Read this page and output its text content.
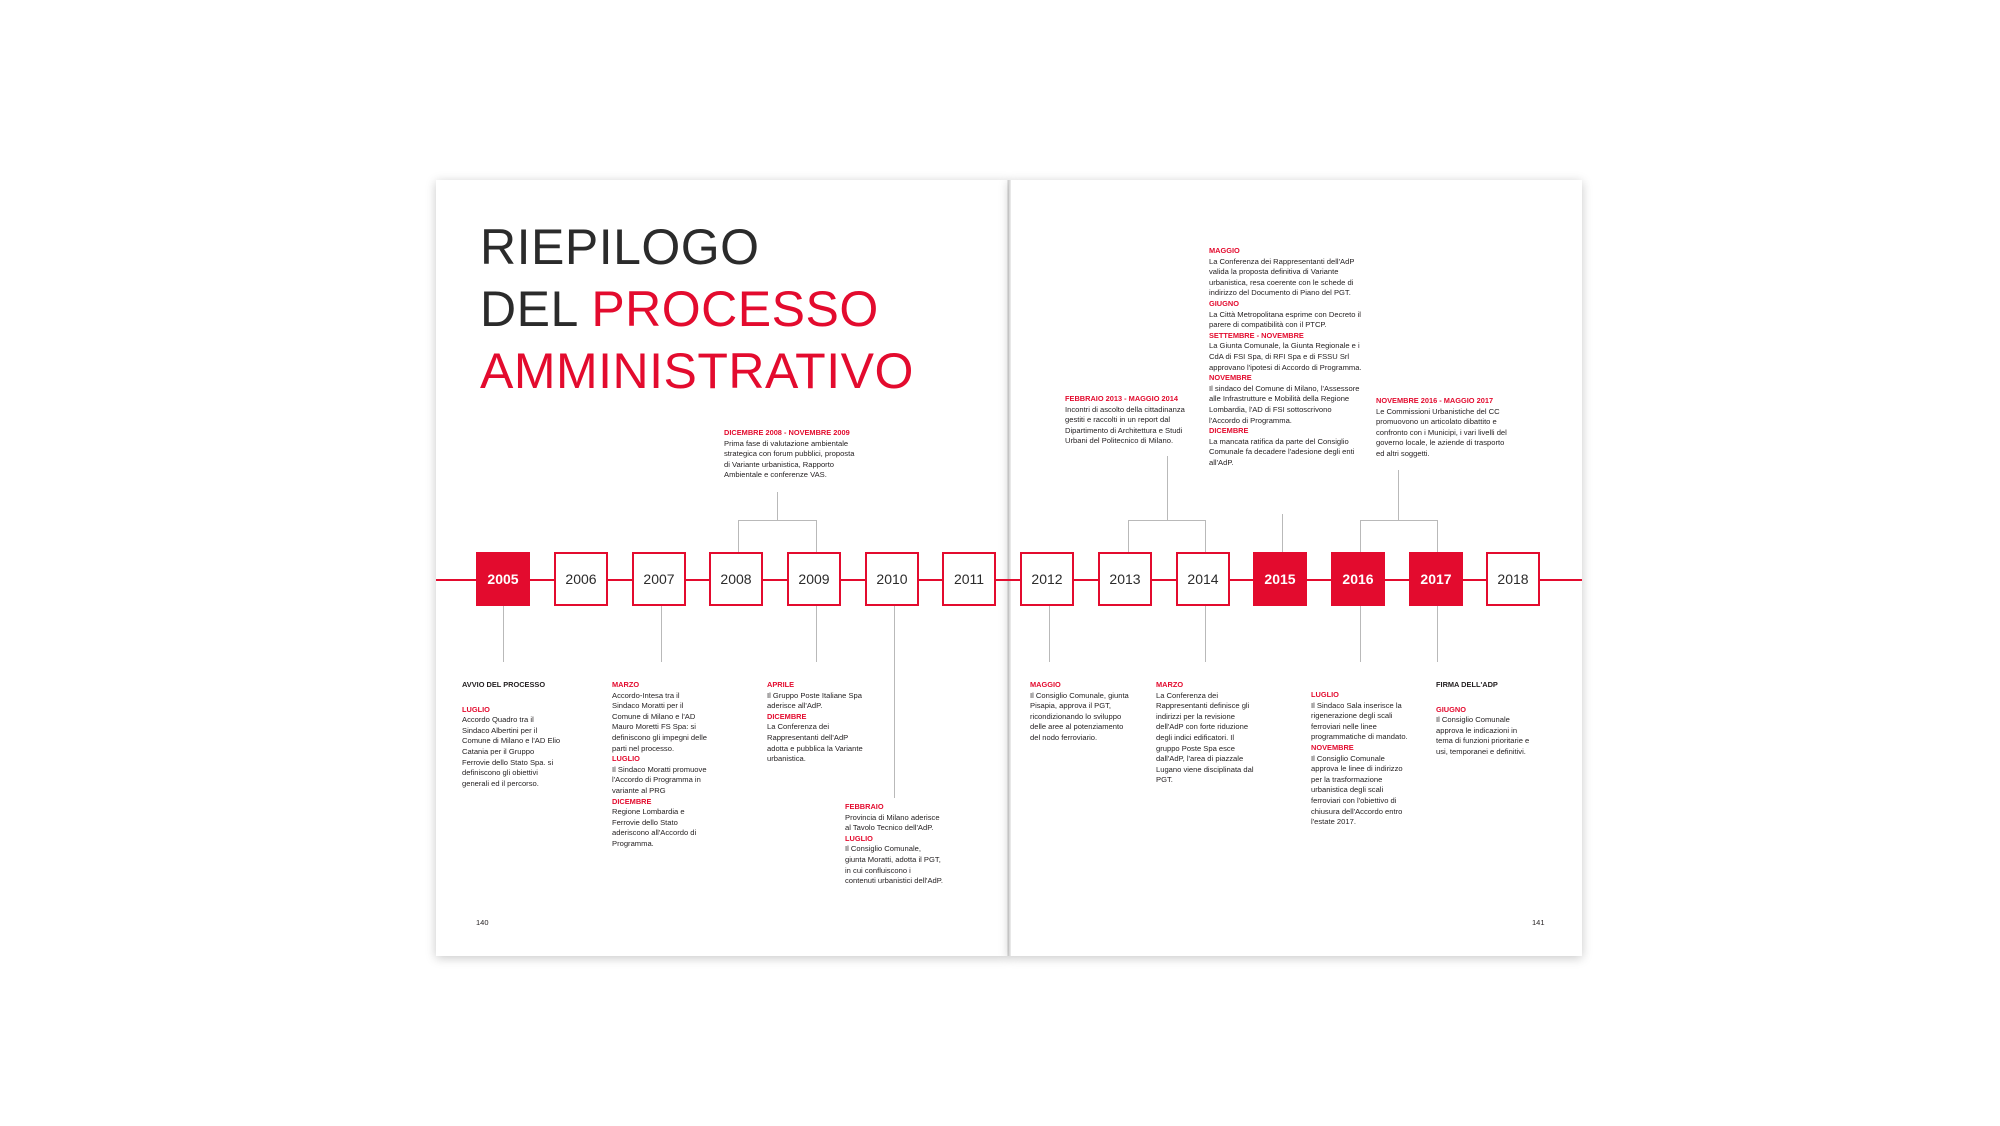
RIEPILOGO
DEL PROCESSO
AMMINISTRATIVO
2005	2006	2007	2008	2009	2010	2011	2012	2013	2014	2015	2016	2017	2018
AVVIO DEL PROCESSO
LUGLIO
Accordo Quadro tra il Sindaco Albertini per il Comune di Milano e l'AD Elio Catania per il Gruppo Ferrovie dello Stato Spa. si definiscono gli obiettivi generali ed il percorso.
MARZO
Accordo-Intesa tra il Sindaco Moratti per il Comune di Milano e l'AD Mauro Moretti FS Spa: si definiscono gli impegni delle parti nel processo.
LUGLIO
Il Sindaco Moratti promuove l'Accordo di Programma in variante al PRG
DICEMBRE
Regione Lombardia e Ferrovie dello Stato aderiscono all'Accordo di Programma.
APRILE
Il Gruppo Poste Italiane Spa aderisce all'AdP.
DICEMBRE
La Conferenza dei Rappresentanti dell'AdP adotta e pubblica la Variante urbanistica.
FEBBRAIO
Provincia di Milano aderisce al Tavolo Tecnico dell'AdP.
LUGLIO
Il Consiglio Comunale, giunta Moratti, adotta il PGT, in cui confluiscono i contenuti urbanistici dell'AdP.
MAGGIO
Il Consiglio Comunale, giunta Pisapia, approva il PGT, ricondizionando lo sviluppo delle aree al potenziamento del nodo ferroviario.
MARZO
La Conferenza dei Rappresentanti definisce gli indirizzi per la revisione dell'AdP con forte riduzione degli indici edificatori. Il gruppo Poste Spa esce dall'AdP, l'area di piazzale Lugano viene disciplinata dal PGT.
LUGLIO
Il Sindaco Sala inserisce la rigenerazione degli scali ferroviari nelle linee programmatiche di mandato.
NOVEMBRE
Il Consiglio Comunale approva le linee di indirizzo per la trasformazione urbanistica degli scali ferroviari con l'obiettivo di chiusura dell'Accordo entro l'estate 2017.
FIRMA DELL'ADP
GIUGNO
Il Consiglio Comunale approva le indicazioni in tema di funzioni prioritarie e usi, temporanei e definitivi.
DICEMBRE 2008 - NOVEMBRE 2009
Prima fase di valutazione ambientale strategica con forum pubblici, proposta di Variante urbanistica, Rapporto Ambientale e conferenze VAS.
FEBBRAIO 2013 - MAGGIO 2014
Incontri di ascolto della cittadinanza gestiti e raccolti in un report dal Dipartimento di Architettura e Studi Urbani del Politecnico di Milano.
MAGGIO
La Conferenza dei Rappresentanti dell'AdP valida la proposta definitiva di Variante urbanistica, resa coerente con le schede di indirizzo del Documento di Piano del PGT.
GIUGNO
La Città Metropolitana esprime con Decreto il parere di compatibilità con il PTCP.
SETTEMBRE - NOVEMBRE
La Giunta Comunale, la Giunta Regionale e i CdA di FSI Spa, di RFI Spa e di FSSU Srl approvano l'ipotesi di Accordo di Programma.
NOVEMBRE
Il sindaco del Comune di Milano, l'Assessore alle Infrastrutture e Mobilità della Regione Lombardia, l'AD di FSI sottoscrivono l'Accordo di Programma.
DICEMBRE
La mancata ratifica da parte del Consiglio Comunale fa decadere l'adesione degli enti all'AdP.
NOVEMBRE 2016 - MAGGIO 2017
Le Commissioni Urbanistiche del CC promuovono un articolato dibattito e confronto con i Municipi, i vari livelli del governo locale, le aziende di trasporto ed altri soggetti.
140	141
